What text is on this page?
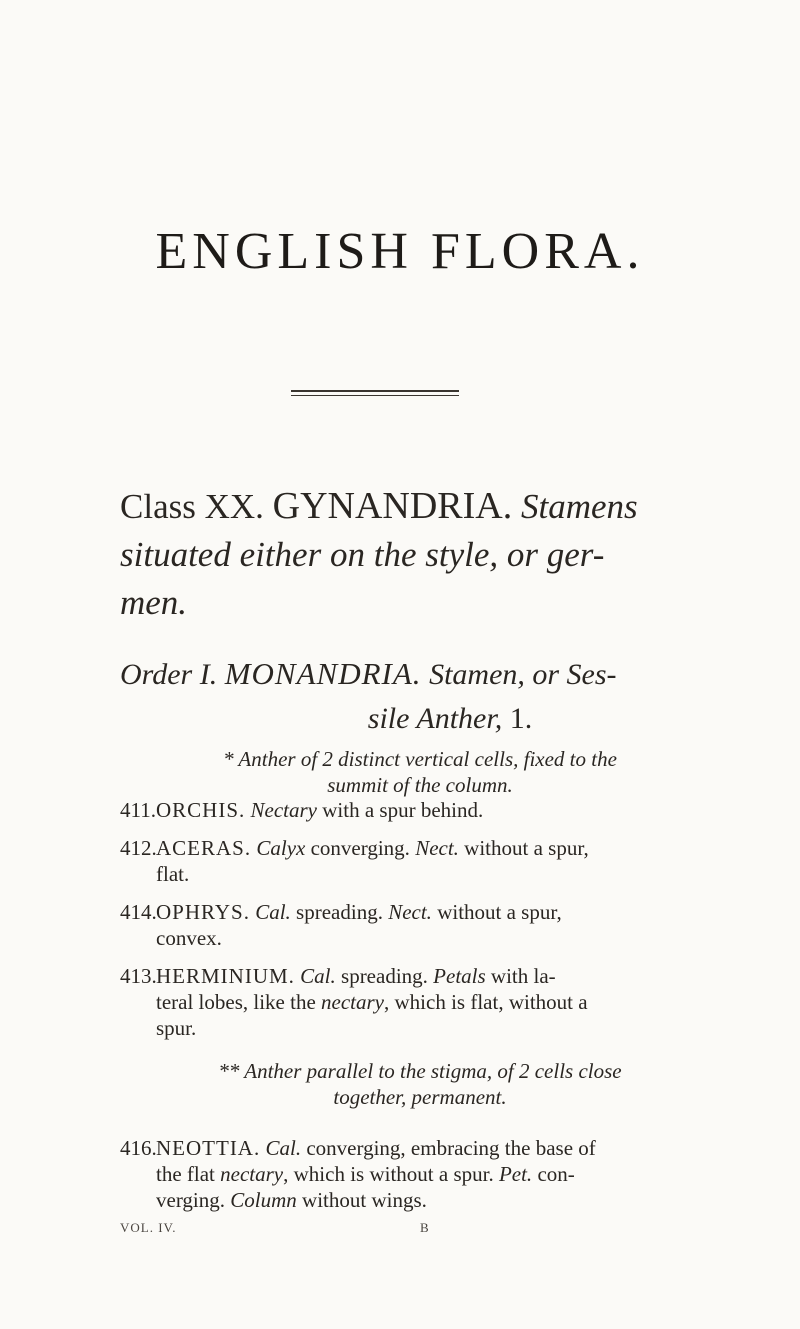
ENGLISH FLORA.
Class XX. GYNANDRIA. Stamens
situated either on the style, or ger-
men.
Order I. MONANDRIA. Stamen, or Ses-
sile Anther, 1.
* Anther of 2 distinct vertical cells, fixed to the
summit of the column.
411.ORCHIS. Nectary with a spur behind.
412.ACERAS. Calyx converging. Nect. without a spur,
flat.
414.OPHRYS. Cal. spreading. Nect. without a spur,
convex.
413.HERMINIUM. Cal. spreading. Petals with la-
teral lobes, like the nectary, which is flat, without a
spur.
** Anther parallel to the stigma, of 2 cells close
together, permanent.
416.NEOTTIA. Cal. converging, embracing the base of
the flat nectary, which is without a spur. Pet. con-
verging. Column without wings.
VOL. IV.	B
